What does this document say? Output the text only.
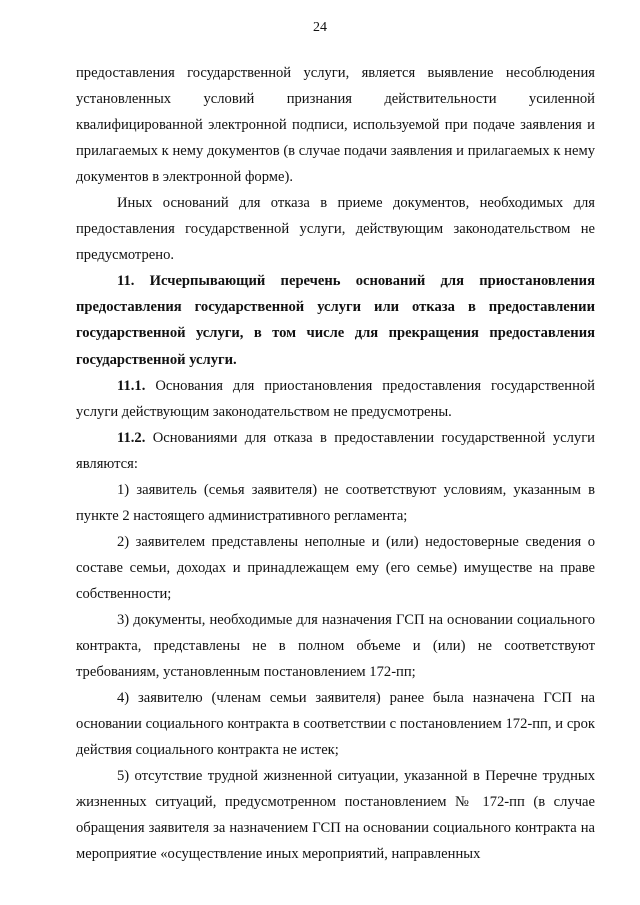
24

предоставления государственной услуги, является выявление несоблюдения установленных условий признания действительности усиленной квалифицированной электронной подписи, используемой при подаче заявления и прилагаемых к нему документов (в случае подачи заявления и прилагаемых к нему документов в электронной форме).

Иных оснований для отказа в приеме документов, необходимых для предоставления государственной услуги, действующим законодательством не предусмотрено.

11. Исчерпывающий перечень оснований для приостановления предоставления государственной услуги или отказа в предоставлении государственной услуги, в том числе для прекращения предоставления государственной услуги.

11.1. Основания для приостановления предоставления государственной услуги действующим законодательством не предусмотрены.

11.2. Основаниями для отказа в предоставлении государственной услуги являются:

1) заявитель (семья заявителя) не соответствуют условиям, указанным в пункте 2 настоящего административного регламента;

2) заявителем представлены неполные и (или) недостоверные сведения о составе семьи, доходах и принадлежащем ему (его семье) имуществе на праве собственности;

3) документы, необходимые для назначения ГСП на основании социального контракта, представлены не в полном объеме и (или) не соответствуют требованиям, установленным постановлением 172-пп;

4) заявителю (членам семьи заявителя) ранее была назначена ГСП на основании социального контракта в соответствии с постановлением 172-пп, и срок действия социального контракта не истек;

5) отсутствие трудной жизненной ситуации, указанной в Перечне трудных жизненных ситуаций, предусмотренном постановлением № 172-пп (в случае обращения заявителя за назначением ГСП на основании социального контракта на мероприятие «осуществление иных мероприятий, направленных
